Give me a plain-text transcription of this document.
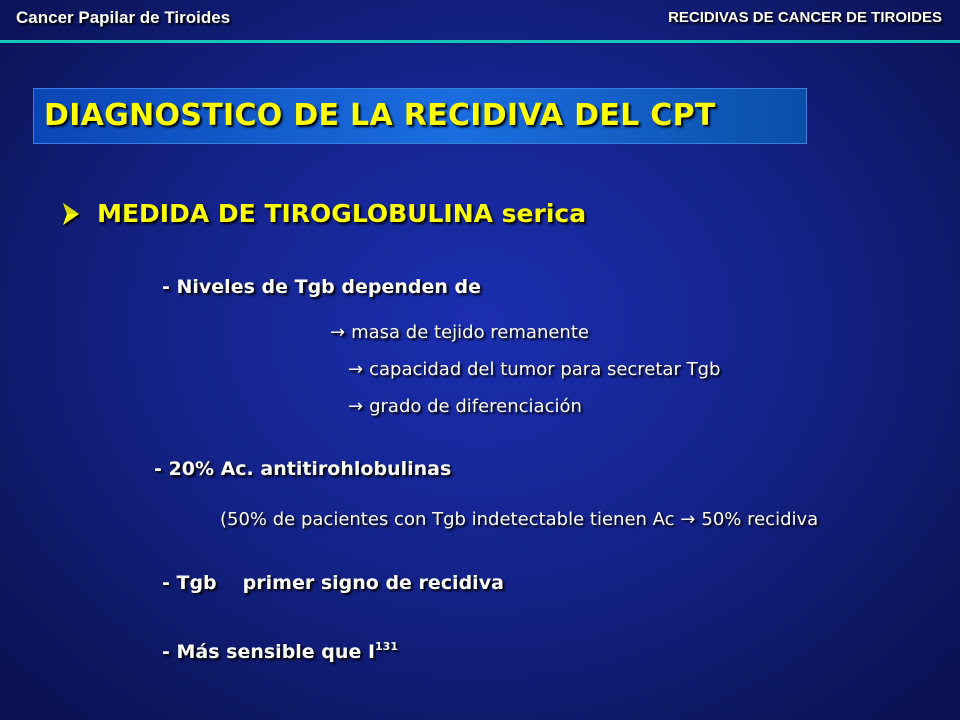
Cancer Papilar de Tiroides	RECIDIVAS DE CANCER DE TIROIDES
DIAGNOSTICO DE LA RECIDIVA DEL CPT
MEDIDA DE TIROGLOBULINA serica
- Niveles de Tgb dependen de
→ masa de tejido remanente
→ capacidad del tumor para secretar Tgb
→ grado de diferenciación
- 20% Ac. antitirohlobulinas
(50% de pacientes con Tgb indetectable tienen Ac → 50% recidiva
- Tgb primer signo de recidiva
- Más sensible que $I^{131}$
